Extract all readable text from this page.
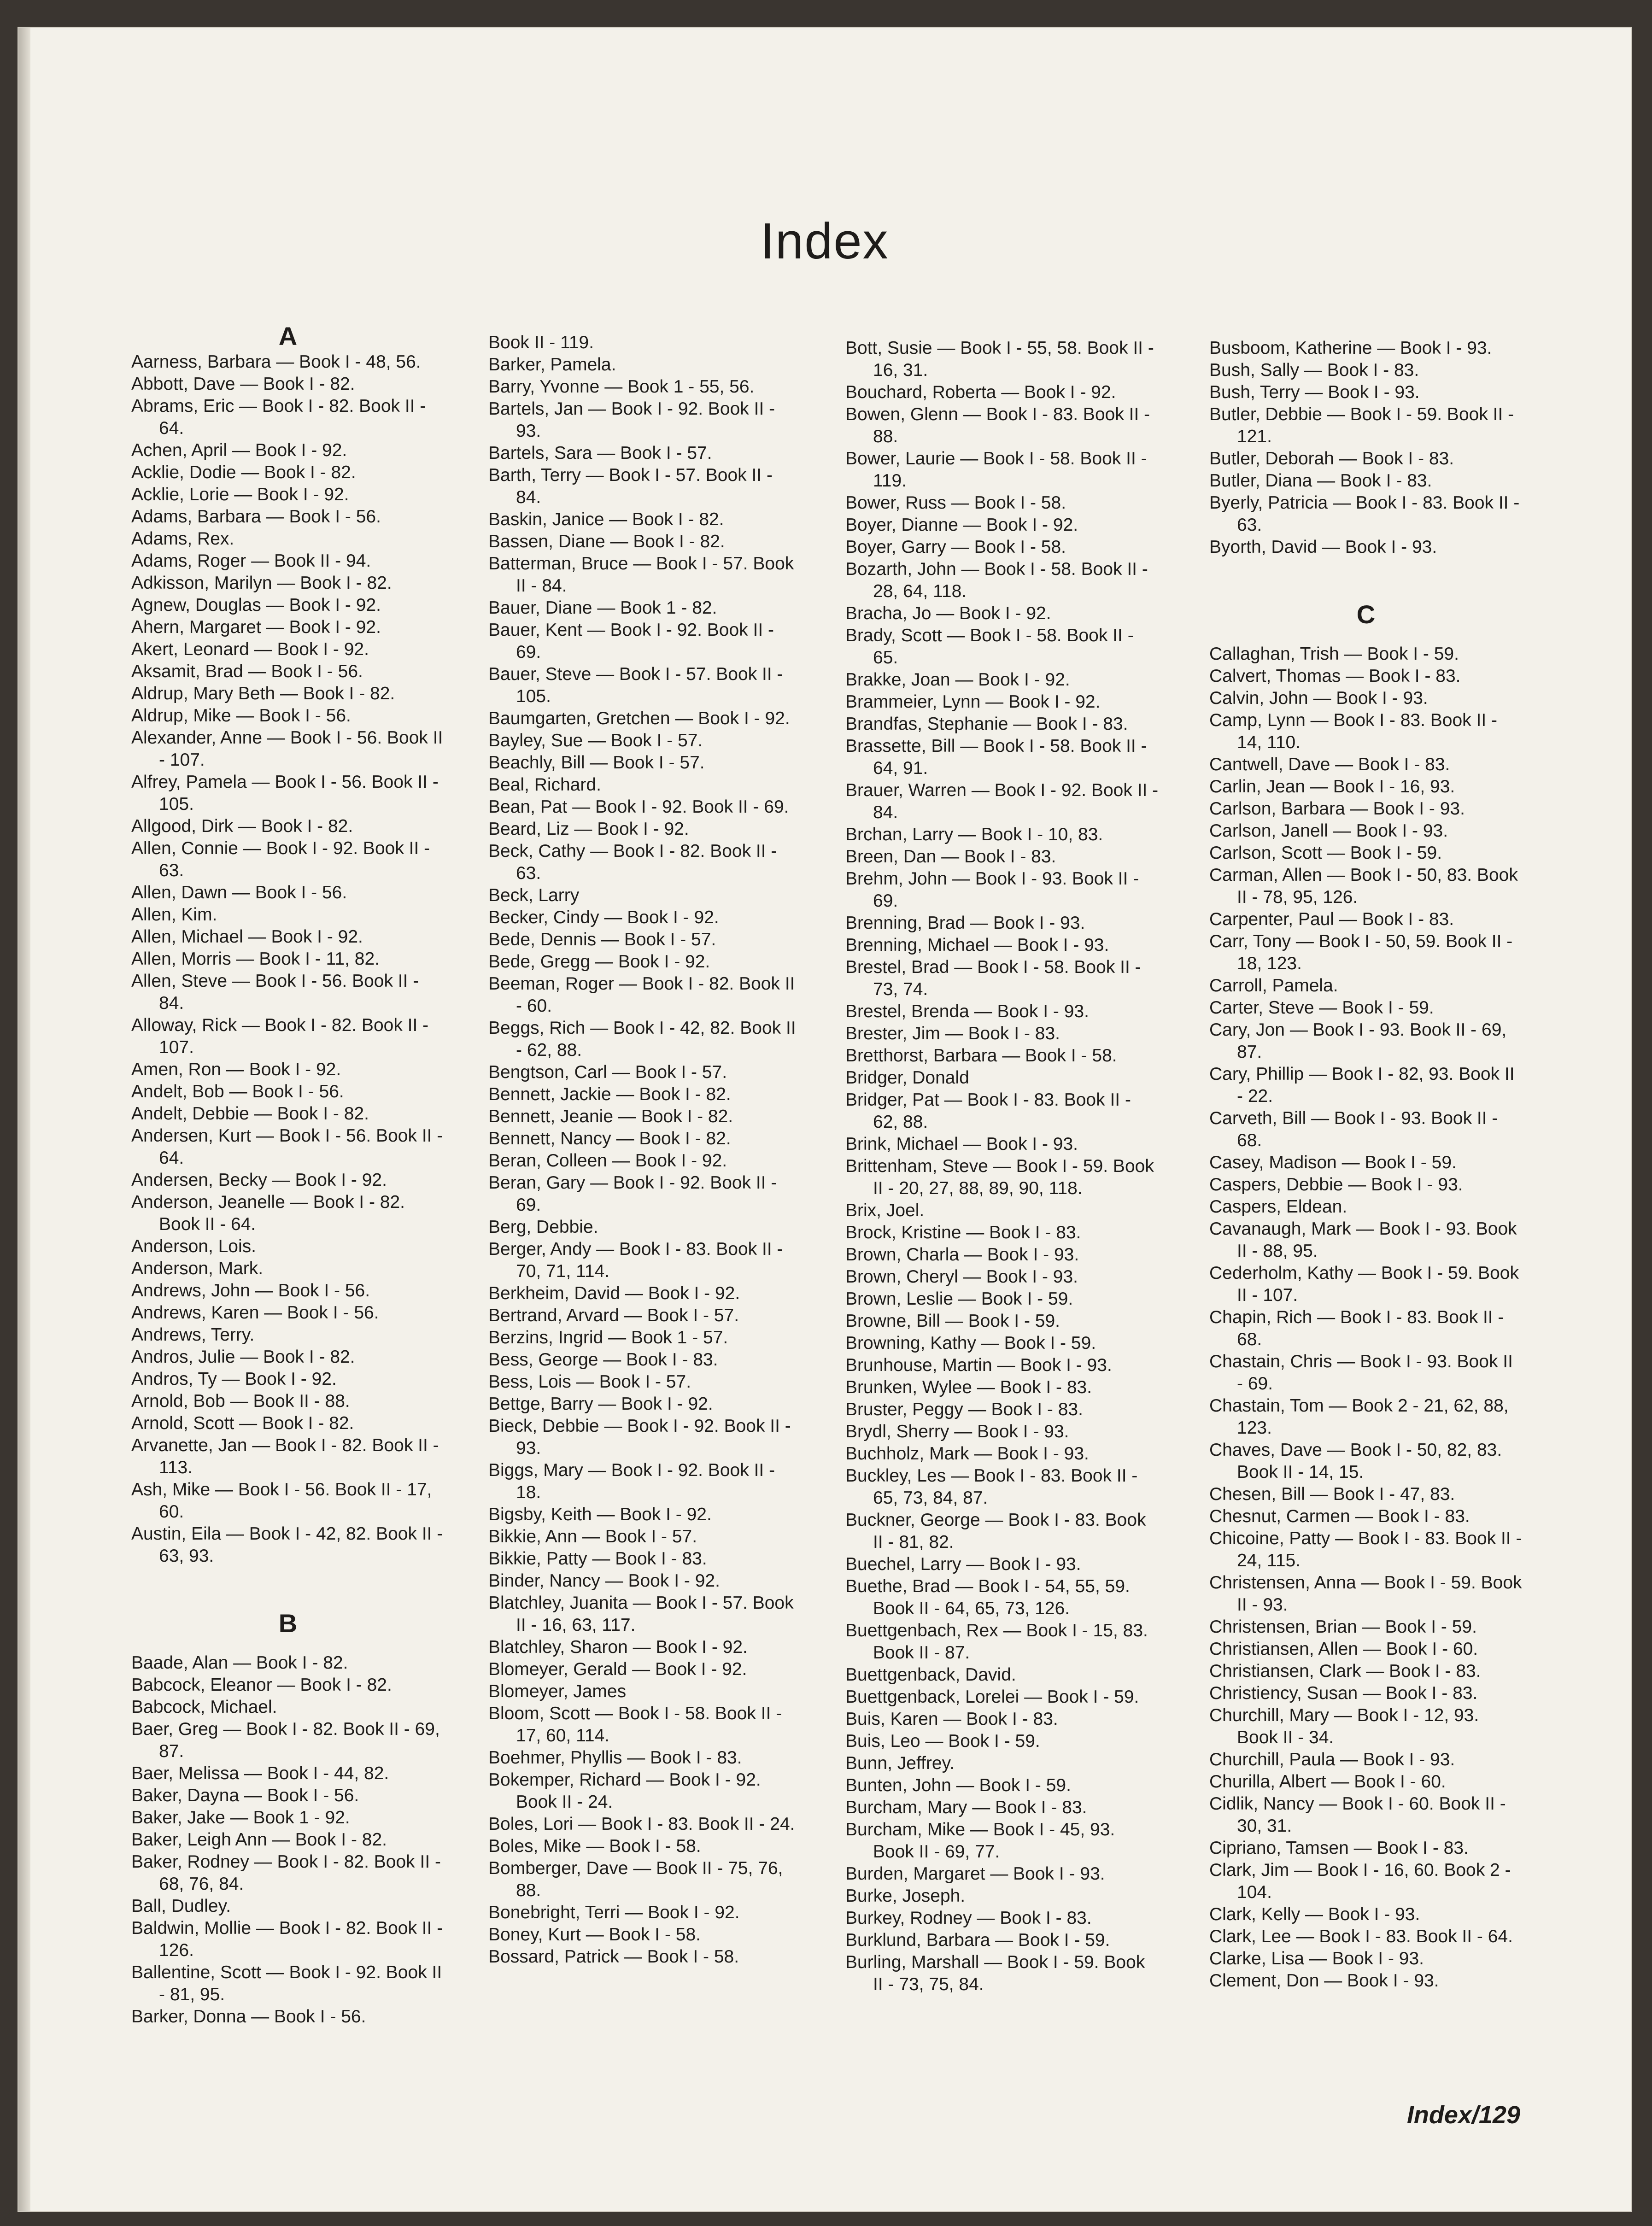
Index

A

Aarness, Barbara — Book I - 48, 56.

Abbott, Dave — Book I - 82.

Abrams, Eric — Book I - 82. Book II - 64.

Achen, April — Book I - 92.

Acklie, Dodie — Book I - 82.

Acklie, Lorie — Book I - 92.

Adams, Barbara — Book I - 56.

Adams, Rex.

Adams, Roger — Book II - 94.

Adkisson, Marilyn — Book I - 82.

Agnew, Douglas — Book I - 92.

Ahern, Margaret — Book I - 92.

Akert, Leonard — Book I - 92.

Aksamit, Brad — Book I - 56.

Aldrup, Mary Beth — Book I - 82.

Aldrup, Mike — Book I - 56.

Alexander, Anne — Book I - 56. Book II - 107.

Alfrey, Pamela — Book I - 56. Book II - 105.

Allgood, Dirk — Book I - 82.

Allen, Connie — Book I - 92. Book II - 63.

Allen, Dawn — Book I - 56.

Allen, Kim.

Allen, Michael — Book I - 92.

Allen, Morris — Book I - 11, 82.

Allen, Steve — Book I - 56. Book II - 84.

Alloway, Rick — Book I - 82. Book II - 107.

Amen, Ron — Book I - 92.

Andelt, Bob — Book I - 56.

Andelt, Debbie — Book I - 82.

Andersen, Kurt — Book I - 56. Book II - 64.

Andersen, Becky — Book I - 92.

Anderson, Jeanelle — Book I - 82. Book II - 64.

Anderson, Lois.

Anderson, Mark.

Andrews, John — Book I - 56.

Andrews, Karen — Book I - 56.

Andrews, Terry.

Andros, Julie — Book I - 82.

Andros, Ty — Book I - 92.

Arnold, Bob — Book II - 88.

Arnold, Scott — Book I - 82.

Arvanette, Jan — Book I - 82. Book II - 113.

Ash, Mike — Book I - 56. Book II - 17, 60.

Austin, Eila — Book I - 42, 82. Book II - 63, 93.

B

Baade, Alan — Book I - 82.

Babcock, Eleanor — Book I - 82.

Babcock, Michael.

Baer, Greg — Book I - 82. Book II - 69, 87.

Baer, Melissa — Book I - 44, 82.

Baker, Dayna — Book I - 56.

Baker, Jake — Book 1 - 92.

Baker, Leigh Ann — Book I - 82.

Baker, Rodney — Book I - 82. Book II - 68, 76, 84.

Ball, Dudley.

Baldwin, Mollie — Book I - 82. Book II - 126.

Ballentine, Scott — Book I - 92. Book II - 81, 95.

Barker, Donna — Book I - 56.

Book II - 119.

Barker, Pamela.

Barry, Yvonne — Book 1 - 55, 56.

Bartels, Jan — Book I - 92. Book II - 93.

Bartels, Sara — Book I - 57.

Barth, Terry — Book I - 57. Book II - 84.

Baskin, Janice — Book I - 82.

Bassen, Diane — Book I - 82.

Batterman, Bruce — Book I - 57. Book II - 84.

Bauer, Diane — Book 1 - 82.

Bauer, Kent — Book I - 92. Book II - 69.

Bauer, Steve — Book I - 57. Book II - 105.

Baumgarten, Gretchen — Book I - 92.

Bayley, Sue — Book I - 57.

Beachly, Bill — Book I - 57.

Beal, Richard.

Bean, Pat — Book I - 92. Book II - 69.

Beard, Liz — Book I - 92.

Beck, Cathy — Book I - 82. Book II - 63.

Beck, Larry

Becker, Cindy — Book I - 92.

Bede, Dennis — Book I - 57.

Bede, Gregg — Book I - 92.

Beeman, Roger — Book I - 82. Book II - 60.

Beggs, Rich — Book I - 42, 82. Book II - 62, 88.

Bengtson, Carl — Book I - 57.

Bennett, Jackie — Book I - 82.

Bennett, Jeanie — Book I - 82.

Bennett, Nancy — Book I - 82.

Beran, Colleen — Book I - 92.

Beran, Gary — Book I - 92. Book II - 69.

Berg, Debbie.

Berger, Andy — Book I - 83. Book II - 70, 71, 114.

Berkheim, David — Book I - 92.

Bertrand, Arvard — Book I - 57.

Berzins, Ingrid — Book 1 - 57.

Bess, George — Book I - 83.

Bess, Lois — Book I - 57.

Bettge, Barry — Book I - 92.

Bieck, Debbie — Book I - 92. Book II - 93.

Biggs, Mary — Book I - 92. Book II - 18.

Bigsby, Keith — Book I - 92.

Bikkie, Ann — Book I - 57.

Bikkie, Patty — Book I - 83.

Binder, Nancy — Book I - 92.

Blatchley, Juanita — Book I - 57. Book II - 16, 63, 117.

Blatchley, Sharon — Book I - 92.

Blomeyer, Gerald — Book I - 92.

Blomeyer, James

Bloom, Scott — Book I - 58. Book II - 17, 60, 114.

Boehmer, Phyllis — Book I - 83.

Bokemper, Richard — Book I - 92. Book II - 24.

Boles, Lori — Book I - 83. Book II - 24.

Boles, Mike — Book I - 58.

Bomberger, Dave — Book II - 75, 76, 88.

Bonebright, Terri — Book I - 92.

Boney, Kurt — Book I - 58.

Bossard, Patrick — Book I - 58.

Bott, Susie — Book I - 55, 58. Book II - 16, 31.

Bouchard, Roberta — Book I - 92.

Bowen, Glenn — Book I - 83. Book II - 88.

Bower, Laurie — Book I - 58. Book II - 119.

Bower, Russ — Book I - 58.

Boyer, Dianne — Book I - 92.

Boyer, Garry — Book I - 58.

Bozarth, John — Book I - 58. Book II - 28, 64, 118.

Bracha, Jo — Book I - 92.

Brady, Scott — Book I - 58. Book II - 65.

Brakke, Joan — Book I - 92.

Brammeier, Lynn — Book I - 92.

Brandfas, Stephanie — Book I - 83.

Brassette, Bill — Book I - 58. Book II - 64, 91.

Brauer, Warren — Book I - 92. Book II - 84.

Brchan, Larry — Book I - 10, 83.

Breen, Dan — Book I - 83.

Brehm, John — Book I - 93. Book II - 69.

Brenning, Brad — Book I - 93.

Brenning, Michael — Book I - 93.

Brestel, Brad — Book I - 58. Book II - 73, 74.

Brestel, Brenda — Book I - 93.

Brester, Jim — Book I - 83.

Bretthorst, Barbara — Book I - 58.

Bridger, Donald

Bridger, Pat — Book I - 83. Book II - 62, 88.

Brink, Michael — Book I - 93.

Brittenham, Steve — Book I - 59. Book II - 20, 27, 88, 89, 90, 118.

Brix, Joel.

Brock, Kristine — Book I - 83.

Brown, Charla — Book I - 93.

Brown, Cheryl — Book I - 93.

Brown, Leslie — Book I - 59.

Browne, Bill — Book I - 59.

Browning, Kathy — Book I - 59.

Brunhouse, Martin — Book I - 93.

Brunken, Wylee — Book I - 83.

Bruster, Peggy — Book I - 83.

Brydl, Sherry — Book I - 93.

Buchholz, Mark — Book I - 93.

Buckley, Les — Book I - 83. Book II - 65, 73, 84, 87.

Buckner, George — Book I - 83. Book II - 81, 82.

Buechel, Larry — Book I - 93.

Buethe, Brad — Book I - 54, 55, 59. Book II - 64, 65, 73, 126.

Buettgenbach, Rex — Book I - 15, 83. Book II - 87.

Buettgenback, David.

Buettgenback, Lorelei — Book I - 59.

Buis, Karen — Book I - 83.

Buis, Leo — Book I - 59.

Bunn, Jeffrey.

Bunten, John — Book I - 59.

Burcham, Mary — Book I - 83.

Burcham, Mike — Book I - 45, 93. Book II - 69, 77.

Burden, Margaret — Book I - 93.

Burke, Joseph.

Burkey, Rodney — Book I - 83.

Burklund, Barbara — Book I - 59.

Burling, Marshall — Book I - 59. Book II - 73, 75, 84.

Busboom, Katherine — Book I - 93.

Bush, Sally — Book I - 83.

Bush, Terry — Book I - 93.

Butler, Debbie — Book I - 59. Book II - 121.

Butler, Deborah — Book I - 83.

Butler, Diana — Book I - 83.

Byerly, Patricia — Book I - 83. Book II - 63.

Byorth, David — Book I - 93.

C

Callaghan, Trish — Book I - 59.

Calvert, Thomas — Book I - 83.

Calvin, John — Book I - 93.

Camp, Lynn — Book I - 83. Book II - 14, 110.

Cantwell, Dave — Book I - 83.

Carlin, Jean — Book I - 16, 93.

Carlson, Barbara — Book I - 93.

Carlson, Janell — Book I - 93.

Carlson, Scott — Book I - 59.

Carman, Allen — Book I - 50, 83. Book II - 78, 95, 126.

Carpenter, Paul — Book I - 83.

Carr, Tony — Book I - 50, 59. Book II - 18, 123.

Carroll, Pamela.

Carter, Steve — Book I - 59.

Cary, Jon — Book I - 93. Book II - 69, 87.

Cary, Phillip — Book I - 82, 93. Book II - 22.

Carveth, Bill — Book I - 93. Book II - 68.

Casey, Madison — Book I - 59.

Caspers, Debbie — Book I - 93.

Caspers, Eldean.

Cavanaugh, Mark — Book I - 93. Book II - 88, 95.

Cederholm, Kathy — Book I - 59. Book II - 107.

Chapin, Rich — Book I - 83. Book II - 68.

Chastain, Chris — Book I - 93. Book II - 69.

Chastain, Tom — Book 2 - 21, 62, 88, 123.

Chaves, Dave — Book I - 50, 82, 83. Book II - 14, 15.

Chesen, Bill — Book I - 47, 83.

Chesnut, Carmen — Book I - 83.

Chicoine, Patty — Book I - 83. Book II - 24, 115.

Christensen, Anna — Book I - 59. Book II - 93.

Christensen, Brian — Book I - 59.

Christiansen, Allen — Book I - 60.

Christiansen, Clark — Book I - 83.

Christiency, Susan — Book I - 83.

Churchill, Mary — Book I - 12, 93. Book II - 34.

Churchill, Paula — Book I - 93.

Churilla, Albert — Book I - 60.

Cidlik, Nancy — Book I - 60. Book II - 30, 31.

Cipriano, Tamsen — Book I - 83.

Clark, Jim — Book I - 16, 60. Book 2 - 104.

Clark, Kelly — Book I - 93.

Clark, Lee — Book I - 83. Book II - 64.

Clarke, Lisa — Book I - 93.

Clement, Don — Book I - 93.

Index/129
